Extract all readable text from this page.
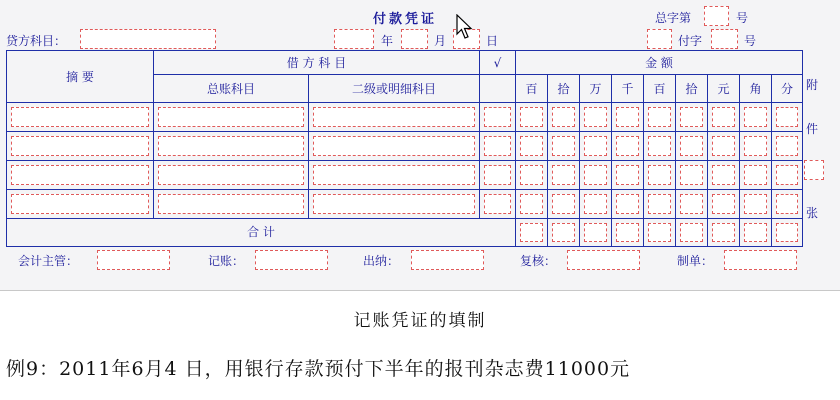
付款凭证	总字第	号
贷方科目：	年	月	日	付字	号
摘 要	借 方 科 目		√	金 额								
	总账科目	二级或明细科目		百	拾	万	千	百	拾	元	角	分

合 计				

附
件
张
会计主管：	记账：	出纳：	复核：	制单：
记账凭证的填制
例9：2011年6月4 日，用银行存款预付下半年的报刊杂志费11000元
